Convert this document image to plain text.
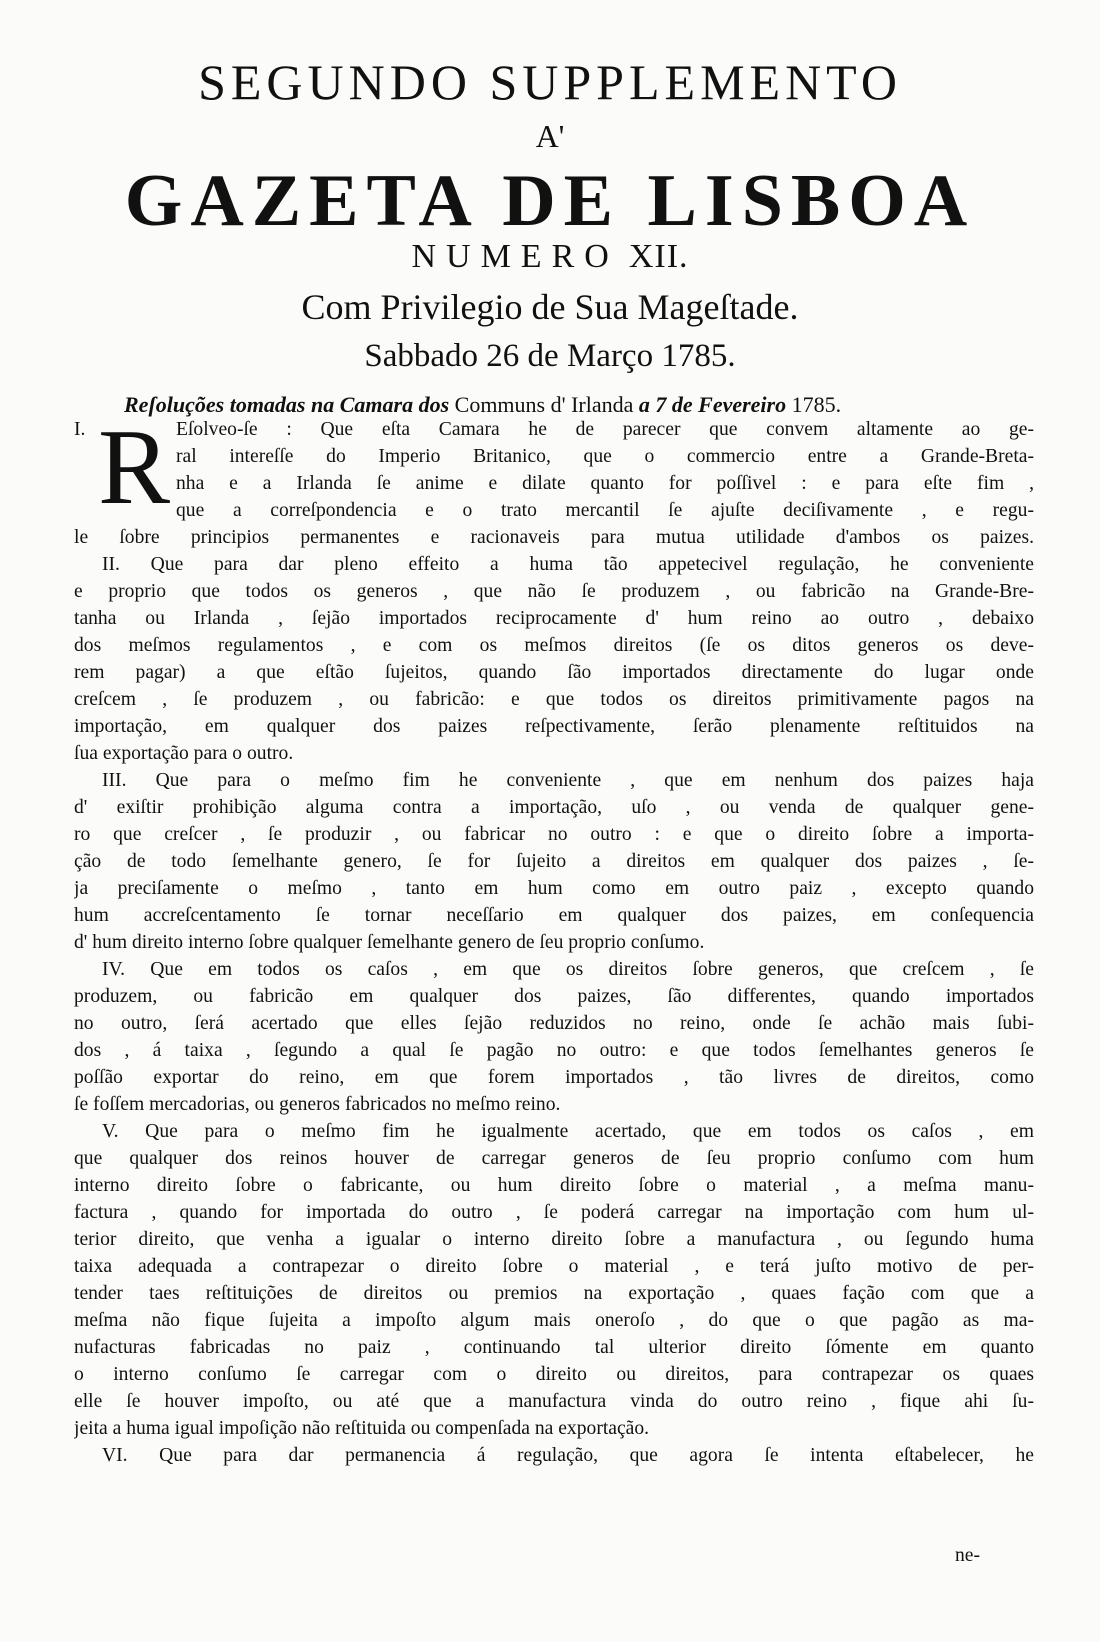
SEGUNDO SUPPLEMENTO
A'
GAZETA DE LISBOA
NUMERO XII.
Com Privilegio de Sua Mageſtade.
Sabbado 26 de Março 1785.
Reſoluções tomadas na Camara dos Communs d' Irlanda a 7 de Fevereiro 1785.
I. R Eſolveo-ſe : Que eſta Camara he de parecer que convem altamente ao ge-
ral intereſſe do Imperio Britanico, que o commercio entre a Grande-Breta-
nha e a Irlanda ſe anime e dilate quanto for poſſivel : e para eſte fim ,
que a correſpondencia e o trato mercantil ſe ajuſte deciſivamente , e regu-
le ſobre principios permanentes e racionaveis para mutua utilidade d'ambos os paizes.
II. Que para dar pleno effeito a huma tão appetecivel regulação, he conveniente
e proprio que todos os generos , que não ſe produzem , ou fabricão na Grande-Bre-
tanha ou Irlanda , ſejão importados reciprocamente d' hum reino ao outro , debaixo
dos meſmos regulamentos , e com os meſmos direitos (ſe os ditos generos os deve-
rem pagar) a que eſtão ſujeitos, quando ſão importados directamente do lugar onde
creſcem , ſe produzem , ou fabricão: e que todos os direitos primitivamente pagos na
importação, em qualquer dos paizes reſpectivamente, ſerão plenamente reſtituidos na
ſua exportação para o outro.
III. Que para o meſmo fim he conveniente , que em nenhum dos paizes haja
d' exiſtir prohibição alguma contra a importação, uſo , ou venda de qualquer gene-
ro que creſcer , ſe produzir , ou fabricar no outro : e que o direito ſobre a importa-
ção de todo ſemelhante genero, ſe for ſujeito a direitos em qualquer dos paizes , ſe-
ja preciſamente o meſmo , tanto em hum como em outro paiz , excepto quando
hum accreſcentamento ſe tornar neceſſario em qualquer dos paizes, em conſequencia
d' hum direito interno ſobre qualquer ſemelhante genero de ſeu proprio conſumo.
IV. Que em todos os caſos , em que os direitos ſobre generos, que creſcem , ſe
produzem, ou fabricão em qualquer dos paizes, ſão differentes, quando importados
no outro, ſerá acertado que elles ſejão reduzidos no reino, onde ſe achão mais ſubi-
dos , á taixa , ſegundo a qual ſe pagão no outro: e que todos ſemelhantes generos ſe
poſſão exportar do reino, em que forem importados , tão livres de direitos, como
ſe foſſem mercadorias, ou generos fabricados no meſmo reino.
V. Que para o meſmo fim he igualmente acertado, que em todos os caſos , em
que qualquer dos reinos houver de carregar generos de ſeu proprio conſumo com hum
interno direito ſobre o fabricante, ou hum direito ſobre o material , a meſma manu-
factura , quando for importada do outro , ſe poderá carregar na importação com hum ul-
terior direito, que venha a igualar o interno direito ſobre a manufactura , ou ſegundo huma
taixa adequada a contrapezar o direito ſobre o material , e terá juſto motivo de per-
tender taes reſtituições de direitos ou premios na exportação , quaes fação com que a
meſma não fique ſujeita a impoſto algum mais oneroſo , do que o que pagão as ma-
nufacturas fabricadas no paiz , continuando tal ulterior direito ſómente em quanto
o interno conſumo ſe carregar com o direito ou direitos, para contrapezar os quaes
elle ſe houver impoſto, ou até que a manufactura vinda do outro reino , fique ahi ſu-
jeita a huma igual impoſição não reſtituida ou compenſada na exportação.
VI. Que para dar permanencia á regulação, que agora ſe intenta eſtabelecer, he
ne-
